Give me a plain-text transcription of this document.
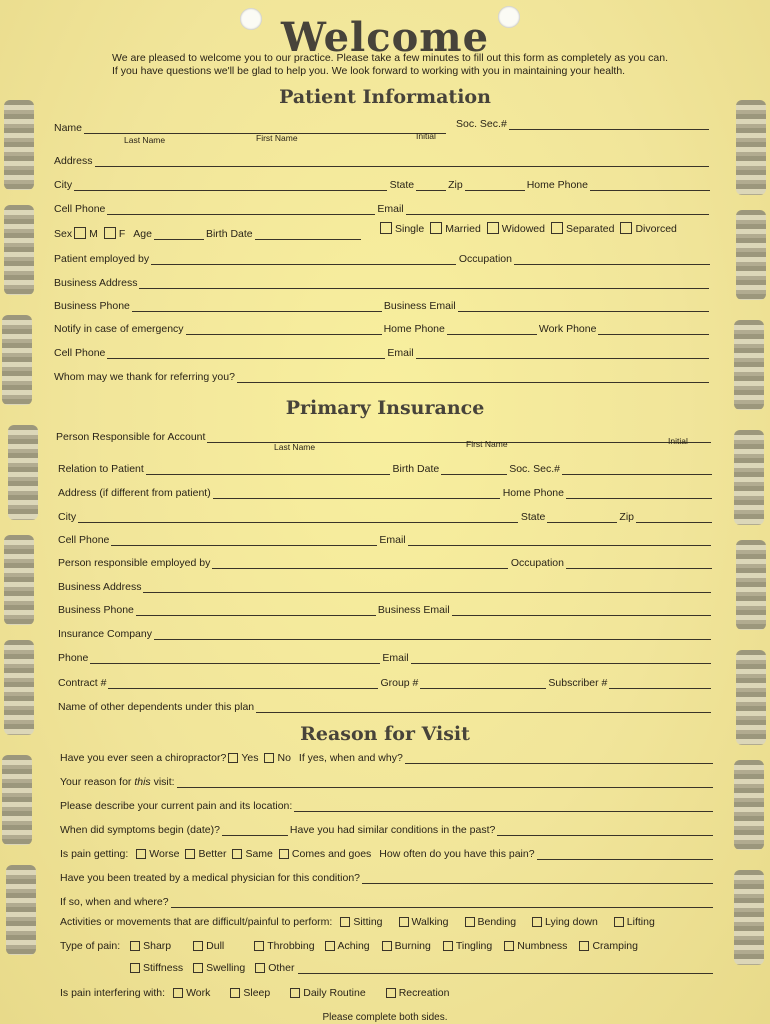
Welcome
We are pleased to welcome you to our practice. Please take a few minutes to fill out this form as completely as you can. If you have questions we'll be glad to help you. We look forward to working with you in maintaining your health.
Patient Information
Name	Soc. Sec.#
Last Name	First Name	Initial
Address
City	State	Zip	Home Phone
Cell Phone	Email
Sex M F Age	Birth Date	Single Married Widowed Separated Divorced
Patient employed by	Occupation
Business Address
Business Phone	Business Email
Notify in case of emergency	Home Phone	Work Phone
Cell Phone	Email
Whom may we thank for referring you?
Primary Insurance
Person Responsible for Account
Last Name	First Name	Initial
Relation to Patient	Birth Date	Soc. Sec.#
Address (if different from patient)	Home Phone
City	State	Zip
Cell Phone	Email
Person responsible employed by	Occupation
Business Address
Business Phone	Business Email
Insurance Company
Phone	Email
Contract #	Group #	Subscriber #
Name of other dependents under this plan
Reason for Visit
Have you ever seen a chiropractor? Yes No If yes, when and why?
Your reason for this visit:
Please describe your current pain and its location:
When did symptoms begin (date)?	Have you had similar conditions in the past?
Is pain getting: Worse Better Same Comes and goes How often do you have this pain?
Have you been treated by a medical physician for this condition?
If so, when and where?
Activities or movements that are difficult/painful to perform: Sitting	Walking	Bending	Lying down	Lifting
Type of pain: Sharp	Dull	Throbbing Aching Burning Tingling Numbness Cramping
Stiffness Swelling Other
Is pain interfering with: Work	Sleep	Daily Routine	Recreation
Please complete both sides.
